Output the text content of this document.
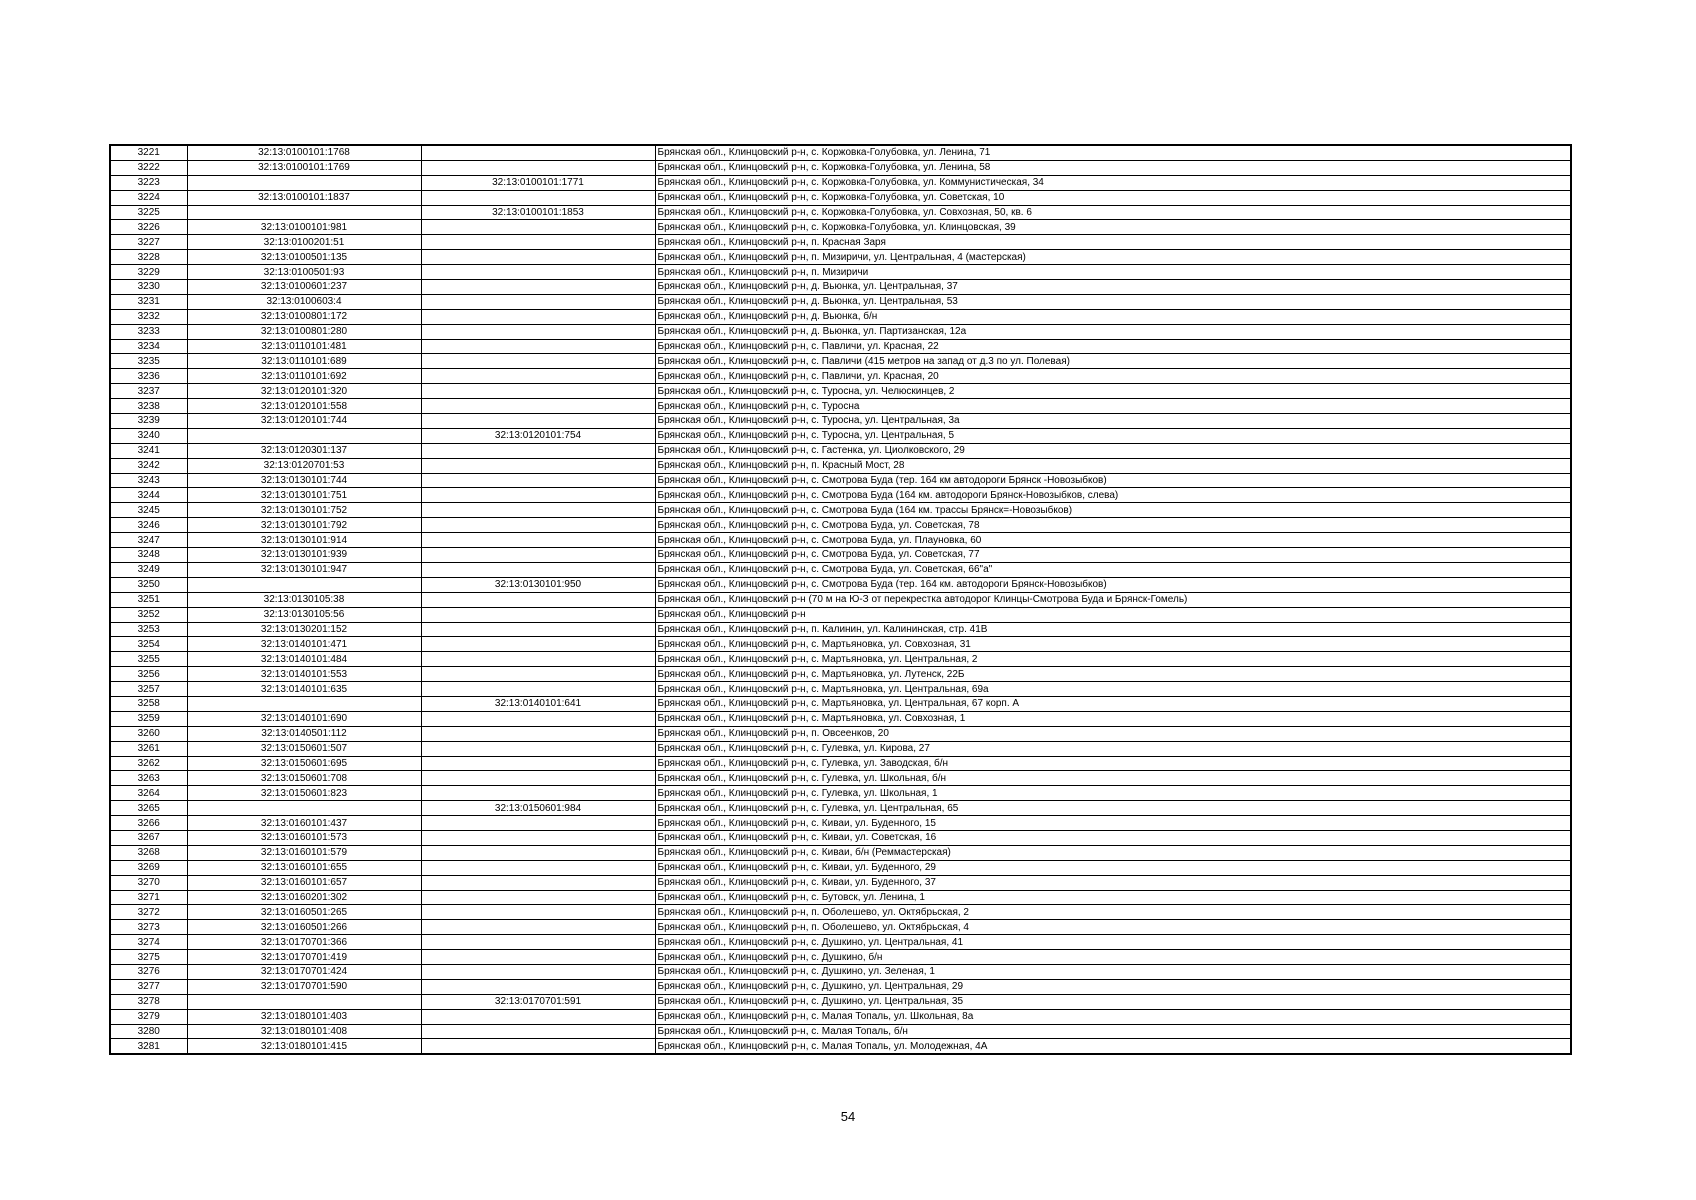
3221	32:13:0100101:1768		Брянская обл., Клинцовский р-н, с. Коржовка-Голубовка, ул. Ленина, 71
3222	32:13:0100101:1769		Брянская обл., Клинцовский р-н, с. Коржовка-Голубовка, ул. Ленина, 58
3223		32:13:0100101:1771	Брянская обл., Клинцовский р-н, с. Коржовка-Голубовка, ул. Коммунистическая, 34
3224	32:13:0100101:1837		Брянская обл., Клинцовский р-н, с. Коржовка-Голубовка, ул. Советская, 10
3225		32:13:0100101:1853	Брянская обл., Клинцовский р-н, с. Коржовка-Голубовка, ул. Совхозная, 50, кв. 6
3226	32:13:0100101:981		Брянская обл., Клинцовский р-н, с. Коржовка-Голубовка, ул. Клинцовская, 39
3227	32:13:0100201:51		Брянская обл., Клинцовский р-н, п. Красная Заря
3228	32:13:0100501:135		Брянская обл., Клинцовский р-н, п. Мизиричи, ул. Центральная, 4 (мастерская)
3229	32:13:0100501:93		Брянская обл., Клинцовский р-н, п. Мизиричи
3230	32:13:0100601:237		Брянская обл., Клинцовский р-н, д. Вьюнка, ул. Центральная, 37
3231	32:13:0100603:4		Брянская обл., Клинцовский р-н, д. Вьюнка, ул. Центральная, 53
3232	32:13:0100801:172		Брянская обл., Клинцовский р-н, д. Вьюнка, б/н
3233	32:13:0100801:280		Брянская обл., Клинцовский р-н, д. Вьюнка, ул. Партизанская, 12а
3234	32:13:0110101:481		Брянская обл., Клинцовский р-н, с. Павличи, ул. Красная, 22
3235	32:13:0110101:689		Брянская обл., Клинцовский р-н, с. Павличи (415 метров на запад от д.3 по ул. Полевая)
3236	32:13:0110101:692		Брянская обл., Клинцовский р-н, с. Павличи, ул. Красная, 20
3237	32:13:0120101:320		Брянская обл., Клинцовский р-н, с. Туросна, ул. Челюскинцев, 2
3238	32:13:0120101:558		Брянская обл., Клинцовский р-н, с. Туросна
3239	32:13:0120101:744		Брянская обл., Клинцовский р-н, с. Туросна, ул. Центральная, 3а
3240		32:13:0120101:754	Брянская обл., Клинцовский р-н, с. Туросна, ул. Центральная, 5
3241	32:13:0120301:137		Брянская обл., Клинцовский р-н, с. Гастенка, ул. Циолковского, 29
3242	32:13:0120701:53		Брянская обл., Клинцовский р-н, п. Красный Мост, 28
3243	32:13:0130101:744		Брянская обл., Клинцовский р-н, с. Смотрова Буда (тер. 164 км автодороги Брянск -Новозыбков)
3244	32:13:0130101:751		Брянская обл., Клинцовский р-н, с. Смотрова Буда (164 км. автодороги Брянск-Новозыбков, слева)
3245	32:13:0130101:752		Брянская обл., Клинцовский р-н, с. Смотрова Буда (164 км. трассы Брянск=-Новозыбков)
3246	32:13:0130101:792		Брянская обл., Клинцовский р-н, с. Смотрова Буда, ул. Советская, 78
3247	32:13:0130101:914		Брянская обл., Клинцовский р-н, с. Смотрова Буда, ул. Плауновка, 60
3248	32:13:0130101:939		Брянская обл., Клинцовский р-н, с. Смотрова Буда, ул. Советская, 77
3249	32:13:0130101:947		Брянская обл., Клинцовский р-н, с. Смотрова Буда, ул. Советская, 66"а"
3250		32:13:0130101:950	Брянская обл., Клинцовский р-н, с. Смотрова Буда (тер. 164 км. автодороги Брянск-Новозыбков)
3251	32:13:0130105:38		Брянская обл., Клинцовский р-н (70 м на Ю-З от перекрестка автодорог Клинцы-Смотрова Буда и Брянск-Гомель)
3252	32:13:0130105:56		Брянская обл., Клинцовский р-н
3253	32:13:0130201:152		Брянская обл., Клинцовский р-н, п. Калинин, ул. Калининская, стр. 41В
3254	32:13:0140101:471		Брянская обл., Клинцовский р-н, с. Мартьяновка, ул. Совхозная, 31
3255	32:13:0140101:484		Брянская обл., Клинцовский р-н, с. Мартьяновка, ул. Центральная, 2
3256	32:13:0140101:553		Брянская обл., Клинцовский р-н, с. Мартьяновка, ул. Лутенск, 22Б
3257	32:13:0140101:635		Брянская обл., Клинцовский р-н, с. Мартьяновка, ул. Центральная, 69а
3258		32:13:0140101:641	Брянская обл., Клинцовский р-н, с. Мартьяновка, ул. Центральная, 67 корп. А
3259	32:13:0140101:690		Брянская обл., Клинцовский р-н, с. Мартьяновка, ул. Совхозная, 1
3260	32:13:0140501:112		Брянская обл., Клинцовский р-н, п. Овсеенков, 20
3261	32:13:0150601:507		Брянская обл., Клинцовский р-н, с. Гулевка, ул. Кирова, 27
3262	32:13:0150601:695		Брянская обл., Клинцовский р-н, с. Гулевка, ул. Заводская, б/н
3263	32:13:0150601:708		Брянская обл., Клинцовский р-н, с. Гулевка, ул. Школьная, б/н
3264	32:13:0150601:823		Брянская обл., Клинцовский р-н, с. Гулевка, ул. Школьная, 1
3265		32:13:0150601:984	Брянская обл., Клинцовский р-н, с. Гулевка, ул. Центральная, 65
3266	32:13:0160101:437		Брянская обл., Клинцовский р-н, с. Киваи, ул. Буденного, 15
3267	32:13:0160101:573		Брянская обл., Клинцовский р-н, с. Киваи, ул. Советская, 16
3268	32:13:0160101:579		Брянская обл., Клинцовский р-н, с. Киваи, б/н (Реммастерская)
3269	32:13:0160101:655		Брянская обл., Клинцовский р-н, с. Киваи, ул. Буденного, 29
3270	32:13:0160101:657		Брянская обл., Клинцовский р-н, с. Киваи, ул. Буденного, 37
3271	32:13:0160201:302		Брянская обл., Клинцовский р-н, с. Бутовск, ул. Ленина, 1
3272	32:13:0160501:265		Брянская обл., Клинцовский р-н, п. Оболешево, ул. Октябрьская, 2
3273	32:13:0160501:266		Брянская обл., Клинцовский р-н, п. Оболешево, ул. Октябрьская, 4
3274	32:13:0170701:366		Брянская обл., Клинцовский р-н, с. Душкино, ул. Центральная, 41
3275	32:13:0170701:419		Брянская обл., Клинцовский р-н, с. Душкино, б/н
3276	32:13:0170701:424		Брянская обл., Клинцовский р-н, с. Душкино, ул. Зеленая, 1
3277	32:13:0170701:590		Брянская обл., Клинцовский р-н, с. Душкино, ул. Центральная, 29
3278		32:13:0170701:591	Брянская обл., Клинцовский р-н, с. Душкино, ул. Центральная, 35
3279	32:13:0180101:403		Брянская обл., Клинцовский р-н, с. Малая Топаль, ул. Школьная, 8а
3280	32:13:0180101:408		Брянская обл., Клинцовский р-н, с. Малая Топаль, б/н
3281	32:13:0180101:415		Брянская обл., Клинцовский р-н, с. Малая Топаль, ул. Молодежная, 4А
54
